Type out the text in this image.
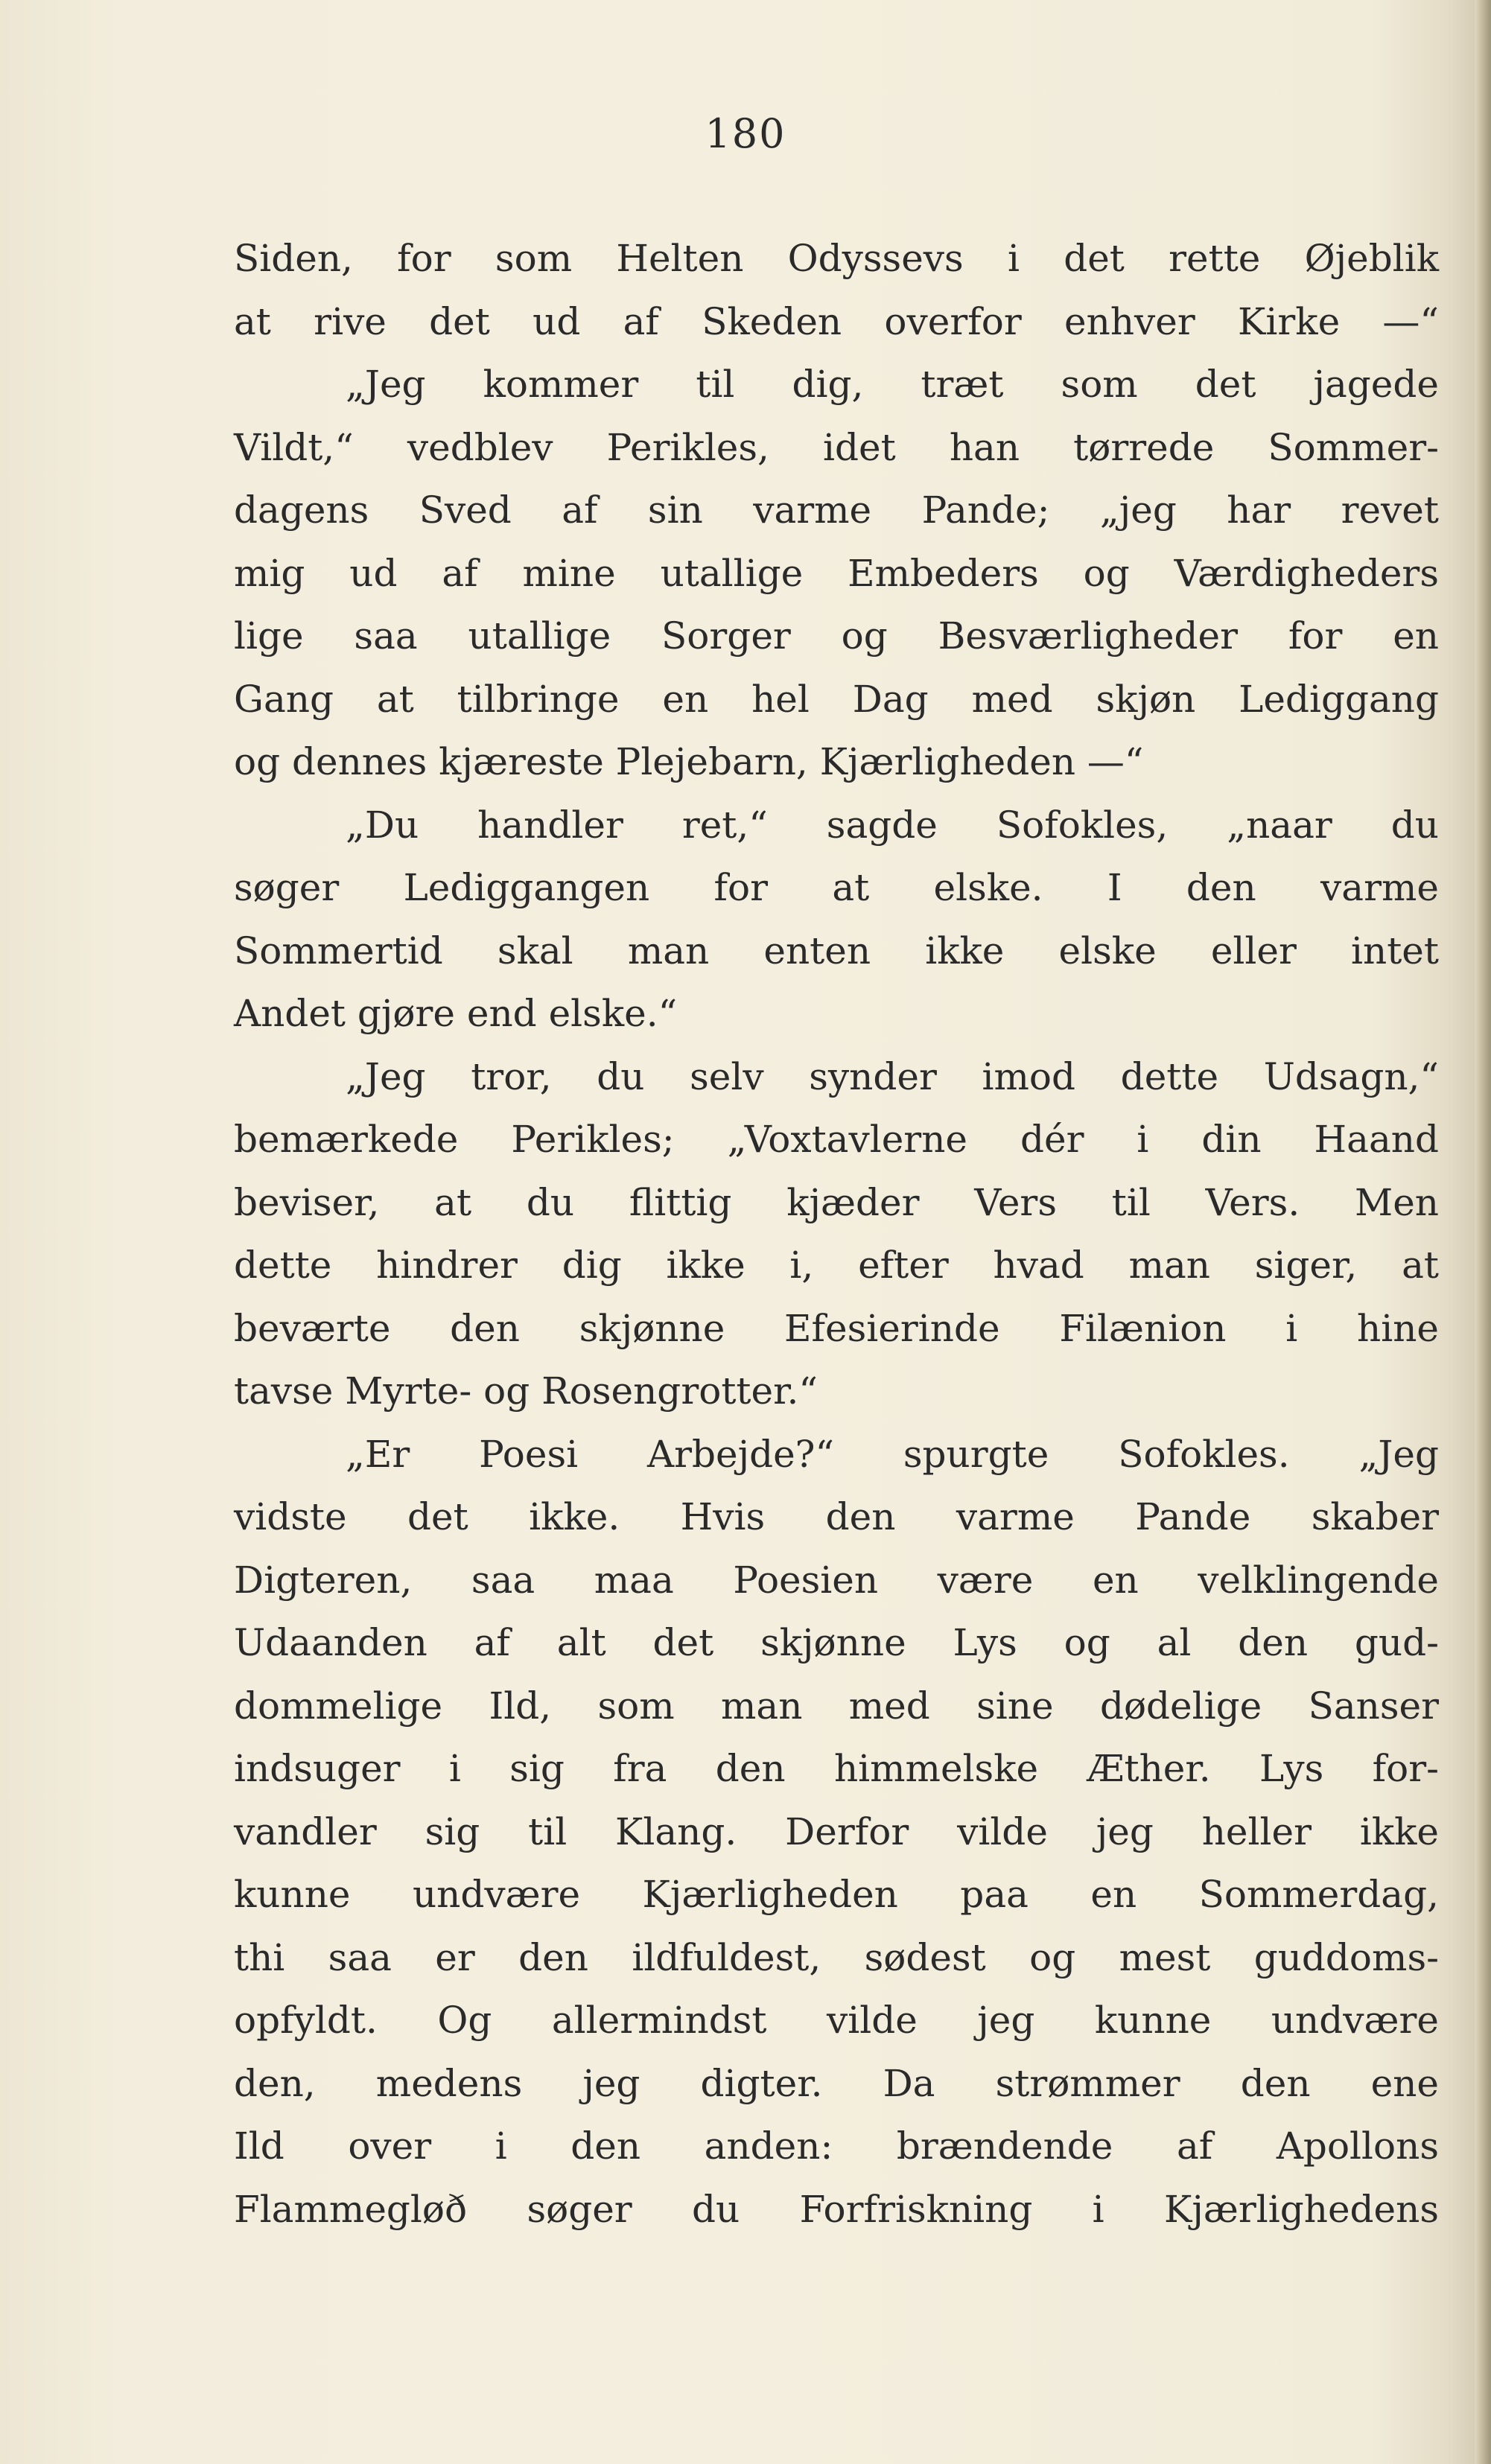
180
Siden, for som Helten Odyssevs i det rette Øjeblik
at rive det ud af Skeden overfor enhver Kirke —“
„Jeg kommer til dig, træt som det jagede
Vildt,“ vedblev Perikles, idet han tørrede Sommer-
dagens Sved af sin varme Pande; „jeg har revet
mig ud af mine utallige Embeders og Værdigheders
lige saa utallige Sorger og Besværligheder for en
Gang at tilbringe en hel Dag med skjøn Lediggang
og dennes kjæreste Plejebarn, Kjærligheden —“
„Du handler ret,“ sagde Sofokles, „naar du
søger Lediggangen for at elske. I den varme
Sommertid skal man enten ikke elske eller intet
Andet gjøre end elske.“
„Jeg tror, du selv synder imod dette Udsagn,“
bemærkede Perikles; „Voxtavlerne dér i din Haand
beviser, at du flittig kjæder Vers til Vers. Men
dette hindrer dig ikke i, efter hvad man siger, at
beværte den skjønne Efesierinde Filænion i hine
tavse Myrte- og Rosengrotter.“
„Er Poesi Arbejde?“ spurgte Sofokles. „Jeg
vidste det ikke. Hvis den varme Pande skaber
Digteren, saa maa Poesien være en velklingende
Udaanden af alt det skjønne Lys og al den gud-
dommelige Ild, som man med sine dødelige Sanser
indsuger i sig fra den himmelske Æther. Lys for-
vandler sig til Klang. Derfor vilde jeg heller ikke
kunne undvære Kjærligheden paa en Sommerdag,
thi saa er den ildfuldest, sødest og mest guddoms-
opfyldt. Og allermindst vilde jeg kunne undvære
den, medens jeg digter. Da strømmer den ene
Ild over i den anden: brændende af Apollons
Flammegløð søger du Forfriskning i Kjærlighedens
